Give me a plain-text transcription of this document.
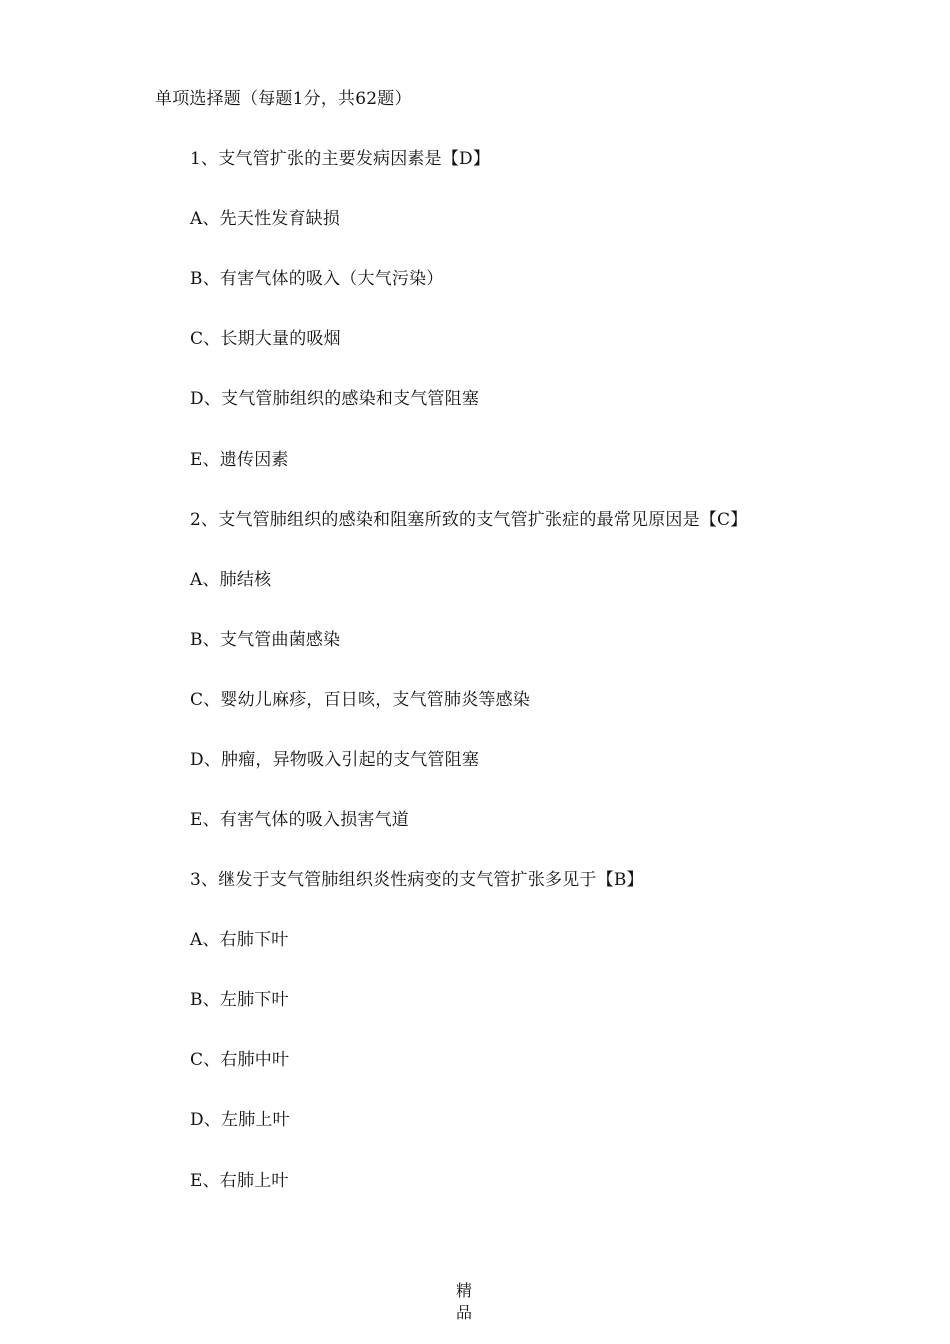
单项选择题（每题1分，共62题）
1、支气管扩张的主要发病因素是【D】
A、先天性发育缺损
B、有害气体的吸入（大气污染）
C、长期大量的吸烟
D、支气管肺组织的感染和支气管阻塞
E、遗传因素
2、支气管肺组织的感染和阻塞所致的支气管扩张症的最常见原因是【C】
A、肺结核
B、支气管曲菌感染
C、婴幼儿麻疹，百日咳，支气管肺炎等感染
D、肿瘤，异物吸入引起的支气管阻塞
E、有害气体的吸入损害气道
3、继发于支气管肺组织炎性病变的支气管扩张多见于【B】
A、右肺下叶
B、左肺下叶
C、右肺中叶
D、左肺上叶
E、右肺上叶
精品
